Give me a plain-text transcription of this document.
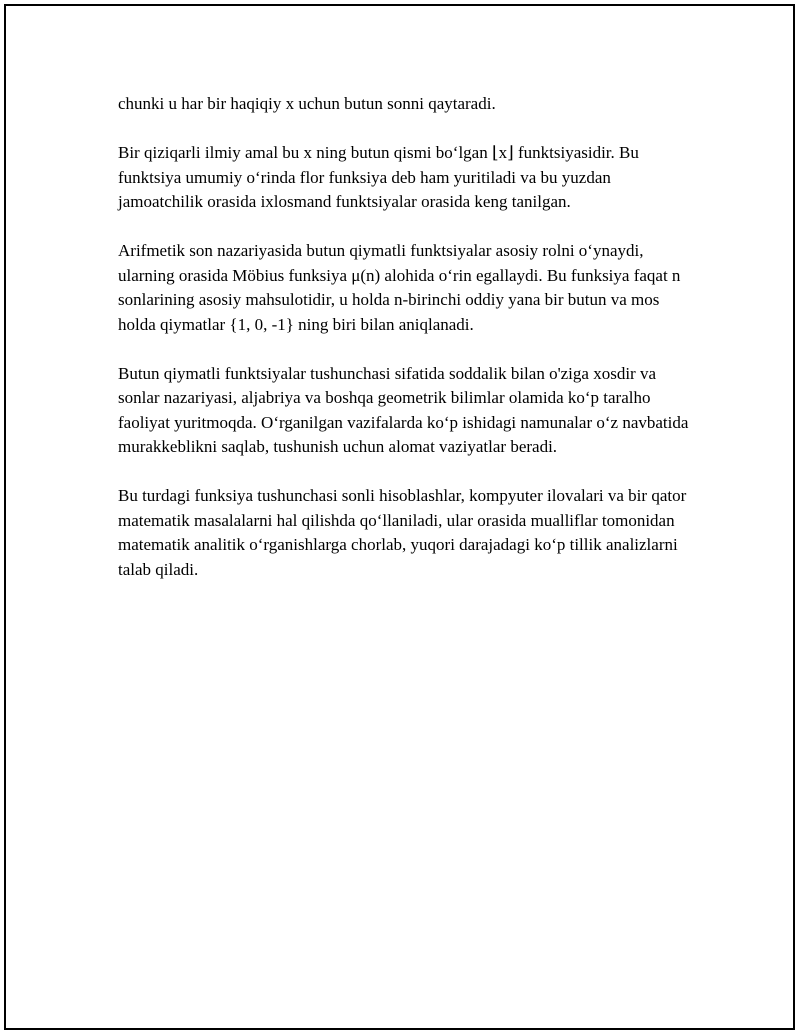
chunki u har bir haqiqiy x uchun butun sonni qaytaradi.

Bir qiziqarli ilmiy amal bu x ning butun qismi bo‘lgan ⌊x⌋ funktsiyasidir. Bu funktsiya umumiy o‘rinda flor funksiya deb ham yuritiladi va bu yuzdan jamoatchilik orasida ixlosmand funktsiyalar orasida keng tanilgan.

Arifmetik son nazariyasida butun qiymatli funktsiyalar asosiy rolni o‘ynaydi, ularning orasida Möbius funksiya μ(n) alohida o‘rin egallaydi. Bu funksiya faqat n sonlarining asosiy mahsulotidir, u holda n-birinchi oddiy yana bir butun va mos holda qiymatlar {1, 0, -1} ning biri bilan aniqlanadi.

Butun qiymatli funktsiyalar tushunchasi sifatida soddalik bilan o'ziga xosdir va sonlar nazariyasi, aljabriya va boshqa geometrik bilimlar olamida ko‘p taralho faoliyat yuritmoqda. O‘rganilgan vazifalarda ko‘p ishidagi namunalar o‘z navbatida murakkeblikni saqlab, tushunish uchun alomat vaziyatlar beradi.

Bu turdagi funksiya tushunchasi sonli hisoblashlar, kompyuter ilovalari va bir qator matematik masalalarni hal qilishda qo‘llaniladi, ular orasida mualliflar tomonidan matematik analitik o‘rganishlarga chorlab, yuqori darajadagi ko‘p tillik analizlarni talab qiladi.
